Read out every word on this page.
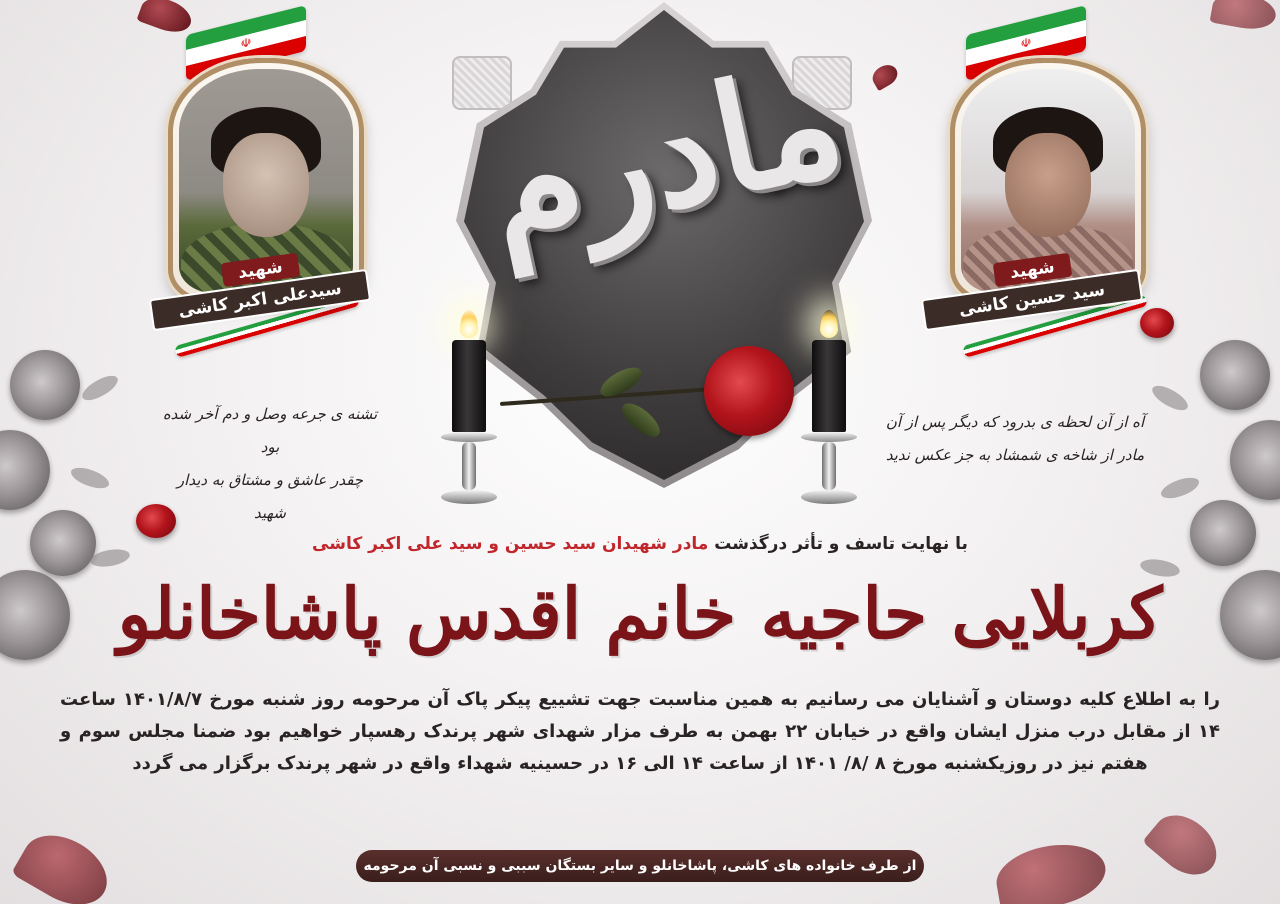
☫	☫
شهید
سیدعلی اکبر کاشی
شهید
سید حسین کاشی
تشنه ی جرعه وصل و دم آخر شده بود
چقدر عاشق و مشتاق به دیدار شهید
آه از آن لحظه ی بدرود که دیگر پس از آن
مادر از شاخه ی شمشاد به جز عکس ندید
مادرم
با نهایت تاسف و تأثر درگذشت مادر شهیدان سید حسین و سید علی اکبر کاشی
کربلایی حاجیه خانم اقدس پاشاخانلو
را به اطلاع کلیه دوستان و آشنایان می رسانیم به همین مناسبت جهت تشییع پیکر پاک آن مرحومه روز شنبه مورخ ۱۴۰۱/۸/۷ ساعت ۱۴ از مقابل درب منزل ایشان واقع در خیابان ۲۲ بهمن به طرف مزار شهدای شهر پرندک رهسپار خواهیم بود ضمنا مجلس سوم و هفتم نیز در روزیکشنبه مورخ ۸ /۸/ ۱۴۰۱ از ساعت ۱۴ الی ۱۶ در حسینیه شهداء واقع در شهر پرندک برگزار می گردد
از طرف خانواده های کاشی، پاشاخانلو و سایر بستگان سببی و نسبی آن مرحومه
